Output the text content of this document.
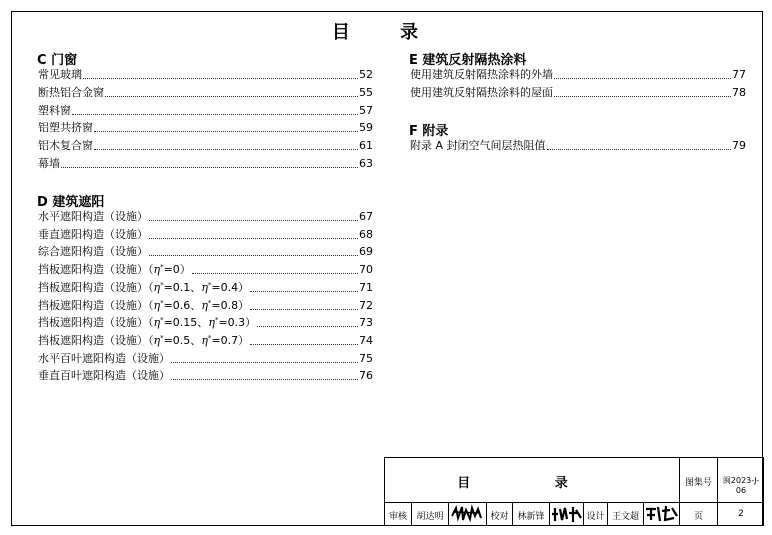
目 录
C 门窗
常见玻璃	52
断热铝合金窗	55
塑料窗	57
铝塑共挤窗	59
铝木复合窗	61
幕墙	63
D 建筑遮阳
水平遮阳构造（设施）	67
垂直遮阳构造（设施）	68
综合遮阳构造（设施）	69
挡板遮阳构造（设施）（η*=0）	70
挡板遮阳构造（设施）（η*=0.1、η*=0.4）	71
挡板遮阳构造（设施）（η*=0.6、η*=0.8）	72
挡板遮阳构造（设施）（η*=0.15、η*=0.3）	73
挡板遮阳构造（设施）（η*=0.5、η*=0.7）	74
水平百叶遮阳构造（设施）	75
垂直百叶遮阳构造（设施）	76
E 建筑反射隔热涂料
使用建筑反射隔热涂料的外墙	77
使用建筑反射隔热涂料的屋面	78
F 附录
附录 A 封闭空气间层热阻值	79
目 录	图集号	闽2023-J-06
审核	胡达明	校对 林新锋	设计 王文超	页	2
